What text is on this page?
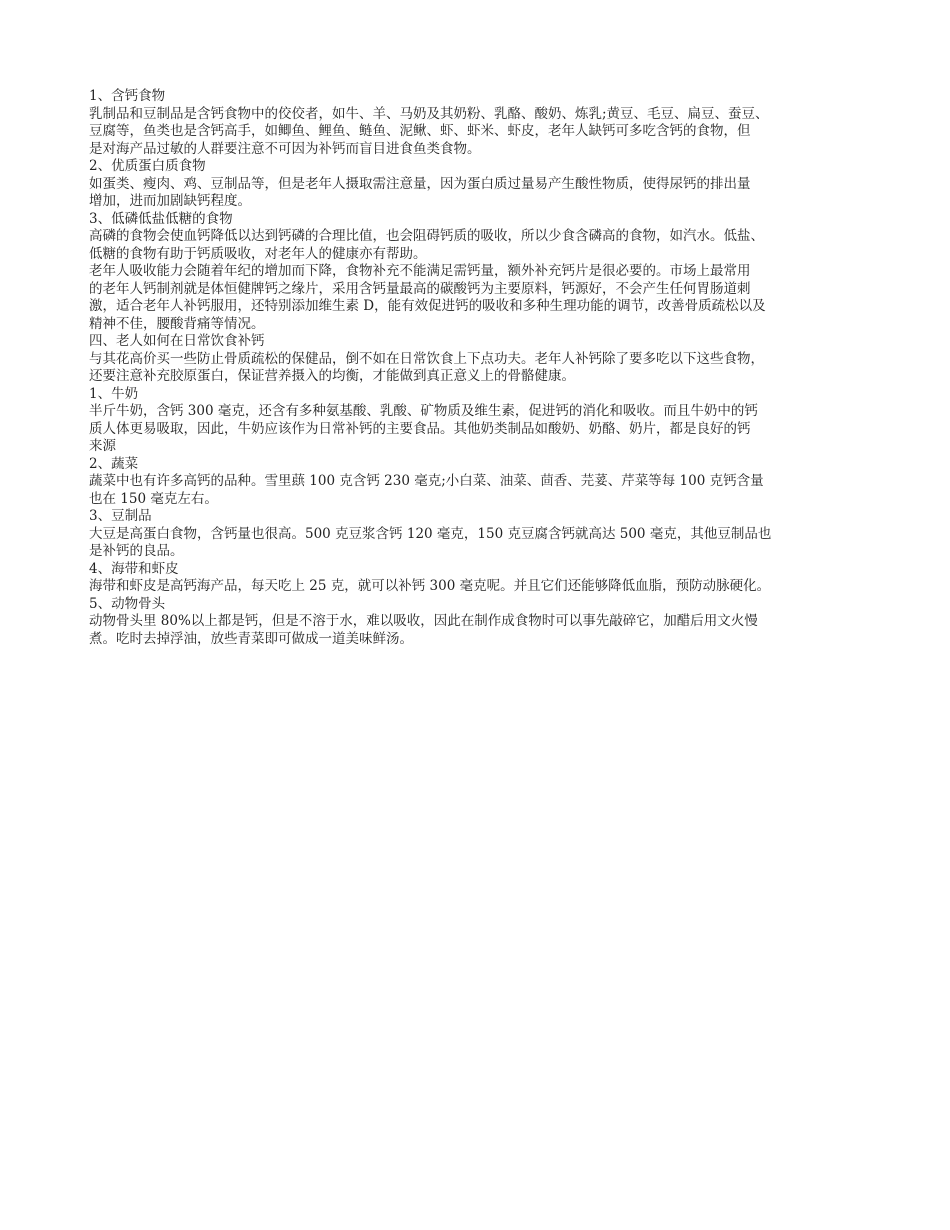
1、含钙食物
乳制品和豆制品是含钙食物中的佼佼者，如牛、羊、马奶及其奶粉、乳酪、酸奶、炼乳;黄豆、毛豆、扁豆、蚕豆、
豆腐等，鱼类也是含钙高手，如鲫鱼、鲤鱼、鲢鱼、泥鳅、虾、虾米、虾皮，老年人缺钙可多吃含钙的食物，但
是对海产品过敏的人群要注意不可因为补钙而盲目进食鱼类食物。
2、优质蛋白质食物
如蛋类、瘦肉、鸡、豆制品等，但是老年人摄取需注意量，因为蛋白质过量易产生酸性物质，使得尿钙的排出量
增加，进而加剧缺钙程度。
3、低磷低盐低糖的食物
高磷的食物会使血钙降低以达到钙磷的合理比值，也会阻碍钙质的吸收，所以少食含磷高的食物，如汽水。低盐、
低糖的食物有助于钙质吸收，对老年人的健康亦有帮助。
老年人吸收能力会随着年纪的增加而下降，食物补充不能满足需钙量，额外补充钙片是很必要的。市场上最常用
的老年人钙制剂就是体恒健牌钙之缘片，采用含钙量最高的碳酸钙为主要原料，钙源好，不会产生任何胃肠道刺
激，适合老年人补钙服用，还特别添加维生素 D，能有效促进钙的吸收和多种生理功能的调节，改善骨质疏松以及
精神不佳，腰酸背痛等情况。
四、老人如何在日常饮食补钙
与其花高价买一些防止骨质疏松的保健品，倒不如在日常饮食上下点功夫。老年人补钙除了要多吃以下这些食物，
还要注意补充胶原蛋白，保证营养摄入的均衡，才能做到真正意义上的骨骼健康。
1、牛奶
半斤牛奶，含钙 300 毫克，还含有多种氨基酸、乳酸、矿物质及维生素，促进钙的消化和吸收。而且牛奶中的钙
质人体更易吸取，因此，牛奶应该作为日常补钙的主要食品。其他奶类制品如酸奶、奶酪、奶片，都是良好的钙
来源
2、蔬菜
蔬菜中也有许多高钙的品种。雪里蕻 100 克含钙 230 毫克;小白菜、油菜、茴香、芫荽、芹菜等每 100 克钙含量
也在 150 毫克左右。
3、豆制品
大豆是高蛋白食物，含钙量也很高。500 克豆浆含钙 120 毫克，150 克豆腐含钙就高达 500 毫克，其他豆制品也
是补钙的良品。
4、海带和虾皮
海带和虾皮是高钙海产品，每天吃上 25 克，就可以补钙 300 毫克呢。并且它们还能够降低血脂，预防动脉硬化。
5、动物骨头
动物骨头里 80%以上都是钙，但是不溶于水，难以吸收，因此在制作成食物时可以事先敲碎它，加醋后用文火慢
煮。吃时去掉浮油，放些青菜即可做成一道美味鲜汤。
